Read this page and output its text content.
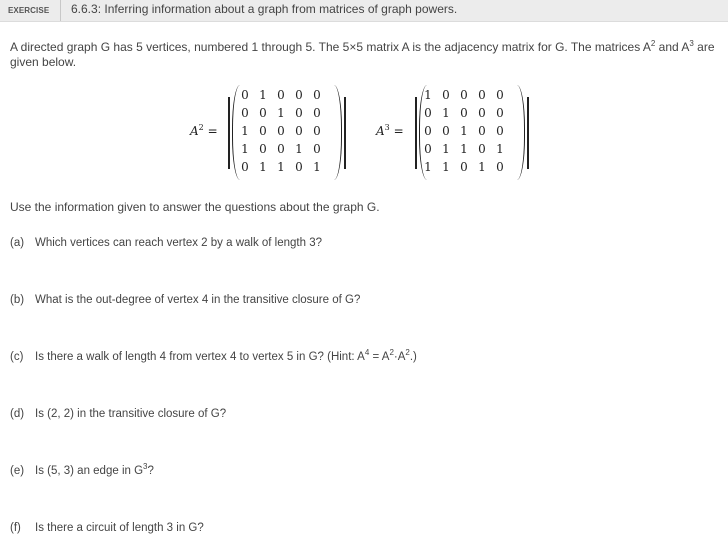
EXERCISE	6.6.3: Inferring information about a graph from matrices of graph powers.
A directed graph G has 5 vertices, numbered 1 through 5. The 5×5 matrix A is the adjacency matrix for G. The matrices $A^2$ and $A^3$ are given below.
$A^2$ =
0 1 0 0 0
0 0 1 0 0
1 0 0 0 0
1 0 0 1 0
0 1 1 0 1
$A^3$ =
1 0 0 0 0
0 1 0 0 0
0 0 1 0 0
0 1 1 0 1
1 1 0 1 0
Use the information given to answer the questions about the graph G.
(a) Which vertices can reach vertex 2 by a walk of length 3?
(b) What is the out-degree of vertex 4 in the transitive closure of G?
(c) Is there a walk of length 4 from vertex 4 to vertex 5 in G? (Hint: $A^4 = A^2\cdot A^2$.)
(d) Is (2, 2) in the transitive closure of G?
(e) Is (5, 3) an edge in $G^3$?
(f) Is there a circuit of length 3 in G?
